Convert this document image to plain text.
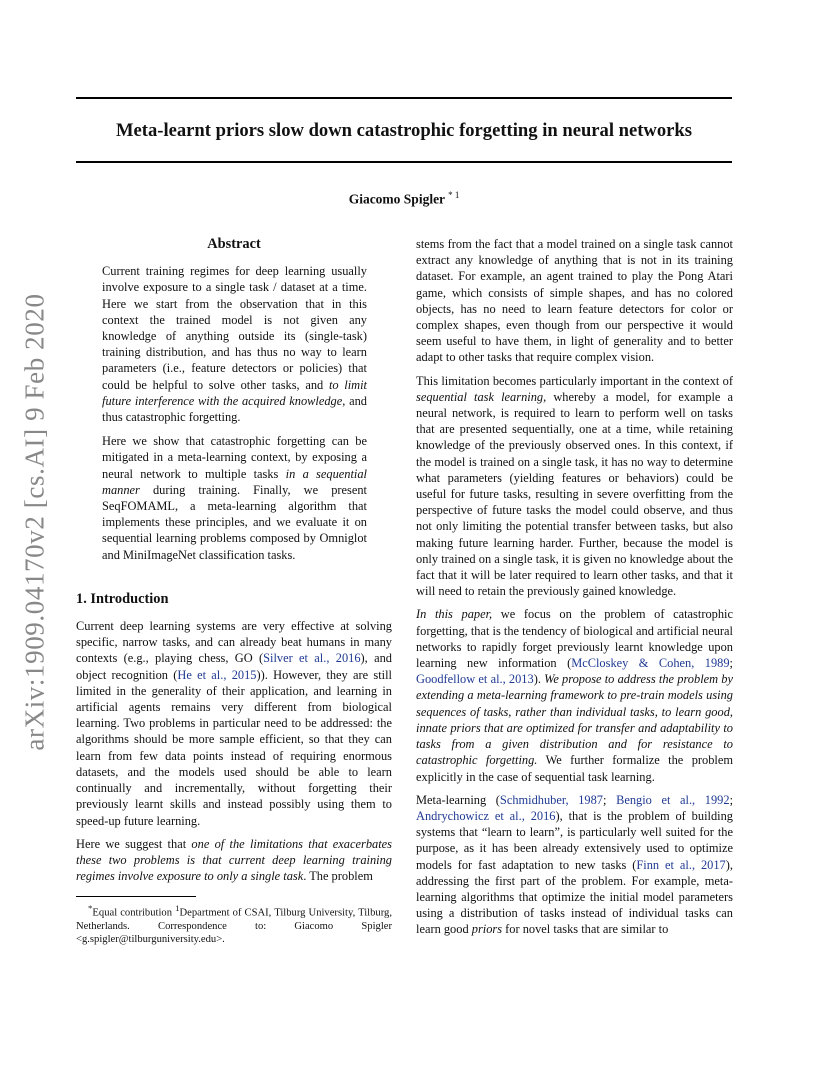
Meta-learnt priors slow down catastrophic forgetting in neural networks
Giacomo Spigler $^{* 1}$
arXiv:1909.04170v2 [cs.AI] 9 Feb 2020
Abstract

Current training regimes for deep learning usually involve exposure to a single task / dataset at a time. Here we start from the observation that in this context the trained model is not given any knowledge of anything outside its (single-task) training distribution, and has thus no way to learn parameters (i.e., feature detectors or policies) that could be helpful to solve other tasks, and to limit future interference with the acquired knowledge, and thus catastrophic forgetting.

Here we show that catastrophic forgetting can be mitigated in a meta-learning context, by exposing a neural network to multiple tasks in a sequential manner during training. Finally, we present SeqFOMAML, a meta-learning algorithm that implements these principles, and we evaluate it on sequential learning problems composed by Omniglot and MiniImageNet classification tasks.

1. Introduction

Current deep learning systems are very effective at solving specific, narrow tasks, and can already beat humans in many contexts (e.g., playing chess, GO (Silver et al., 2016), and object recognition (He et al., 2015)). However, they are still limited in the generality of their application, and learning in artificial agents remains very different from biological learning. Two problems in particular need to be addressed: the algorithms should be more sample efficient, so that they can learn from few data points instead of requiring enormous datasets, and the models used should be able to learn continually and incrementally, without forgetting their previously learnt skills and instead possibly using them to speed-up future learning.

Here we suggest that one of the limitations that exacerbates these two problems is that current deep learning training regimes involve exposure to only a single task. The problem

*Equal contribution $^1$Department of CSAI, Tilburg University, Tilburg, Netherlands. Correspondence to: Giacomo Spigler <g.spigler@tilburguniversity.edu>.

stems from the fact that a model trained on a single task cannot extract any knowledge of anything that is not in its training dataset. For example, an agent trained to play the Pong Atari game, which consists of simple shapes, and has no colored objects, has no need to learn feature detectors for color or complex shapes, even though from our perspective it would seem useful to have them, in light of generality and to better adapt to other tasks that require complex vision.

This limitation becomes particularly important in the context of sequential task learning, whereby a model, for example a neural network, is required to learn to perform well on tasks that are presented sequentially, one at a time, while retaining knowledge of the previously observed ones. In this context, if the model is trained on a single task, it has no way to determine what parameters (yielding features or behaviors) could be useful for future tasks, resulting in severe overfitting from the perspective of future tasks the model could observe, and thus not only limiting the potential transfer between tasks, but also making future learning harder. Further, because the model is only trained on a single task, it is given no knowledge about the fact that it will be later required to learn other tasks, and that it will need to retain the previously gained knowledge.

In this paper, we focus on the problem of catastrophic forgetting, that is the tendency of biological and artificial neural networks to rapidly forget previously learnt knowledge upon learning new information (McCloskey & Cohen, 1989; Goodfellow et al., 2013). We propose to address the problem by extending a meta-learning framework to pre-train models using sequences of tasks, rather than individual tasks, to learn good, innate priors that are optimized for transfer and adaptability to tasks from a given distribution and for resistance to catastrophic forgetting. We further formalize the problem explicitly in the case of sequential task learning.

Meta-learning (Schmidhuber, 1987; Bengio et al., 1992; Andrychowicz et al., 2016), that is the problem of building systems that “learn to learn”, is particularly well suited for the purpose, as it has been already extensively used to optimize models for fast adaptation to new tasks (Finn et al., 2017), addressing the first part of the problem. For example, meta-learning algorithms that optimize the initial model parameters using a distribution of tasks instead of individual tasks can learn good priors for novel tasks that are similar to
